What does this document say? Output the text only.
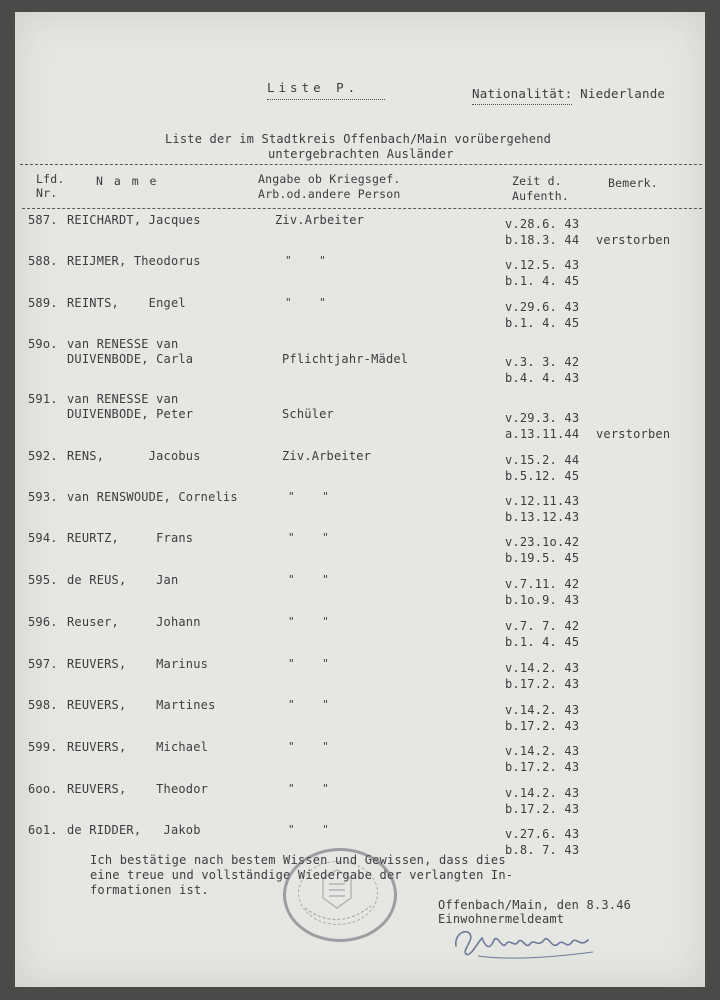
Liste P.	Nationalität: Niederlande
Liste der im Stadtkreis Offenbach/Main vorübergehend
untergebrachten Ausländer
Lfd.
Nr.
N a m e	Angabe ob Kriegsgef.
Arb.od.andere Person
Zeit d.
Aufenth.
Bemerk.
587. REICHARDT, Jacques	Ziv.Arbeiter	v.28.6. 43
b.18.3. 44 verstorben
588. REIJMER, Theodorus	"    "	v.12.5. 43
b.1. 4. 45
589. REINTS,    Engel	"    "	v.29.6. 43
b.1. 4. 45
59o. van RENESSE van
DUIVENBODE, Carla	Pflichtjahr-Mädel	v.3. 3. 42
b.4. 4. 43
591. van RENESSE van
DUIVENBODE, Peter	Schüler	v.29.3. 43
a.13.11.44 verstorben
592. RENS,      Jacobus	Ziv.Arbeiter	v.15.2. 44
b.5.12. 45
593. van RENSWOUDE, Cornelis	"    "	v.12.11.43
b.13.12.43
594. REURTZ,     Frans	"    "	v.23.1o.42
b.19.5. 45
595. de REUS,    Jan	"    "	v.7.11. 42
b.1o.9. 43
596. Reuser,     Johann	"    "	v.7. 7. 42
b.1. 4. 45
597. REUVERS,    Marinus	"    "	v.14.2. 43
b.17.2. 43
598. REUVERS,    Martines	"    "	v.14.2. 43
b.17.2. 43
599. REUVERS,    Michael	"    "	v.14.2. 43
b.17.2. 43
6oo. REUVERS,    Theodor	"    "	v.14.2. 43
b.17.2. 43
6o1. de RIDDER,   Jakob	"    "	v.27.6. 43
b.8. 7. 43
Ich bestätige nach bestem Wissen und Gewissen, dass dies
eine treue und vollständige Wiedergabe der verlangten In-
formationen ist.
Offenbach/Main, den 8.3.46
Einwohnermeldeamt
